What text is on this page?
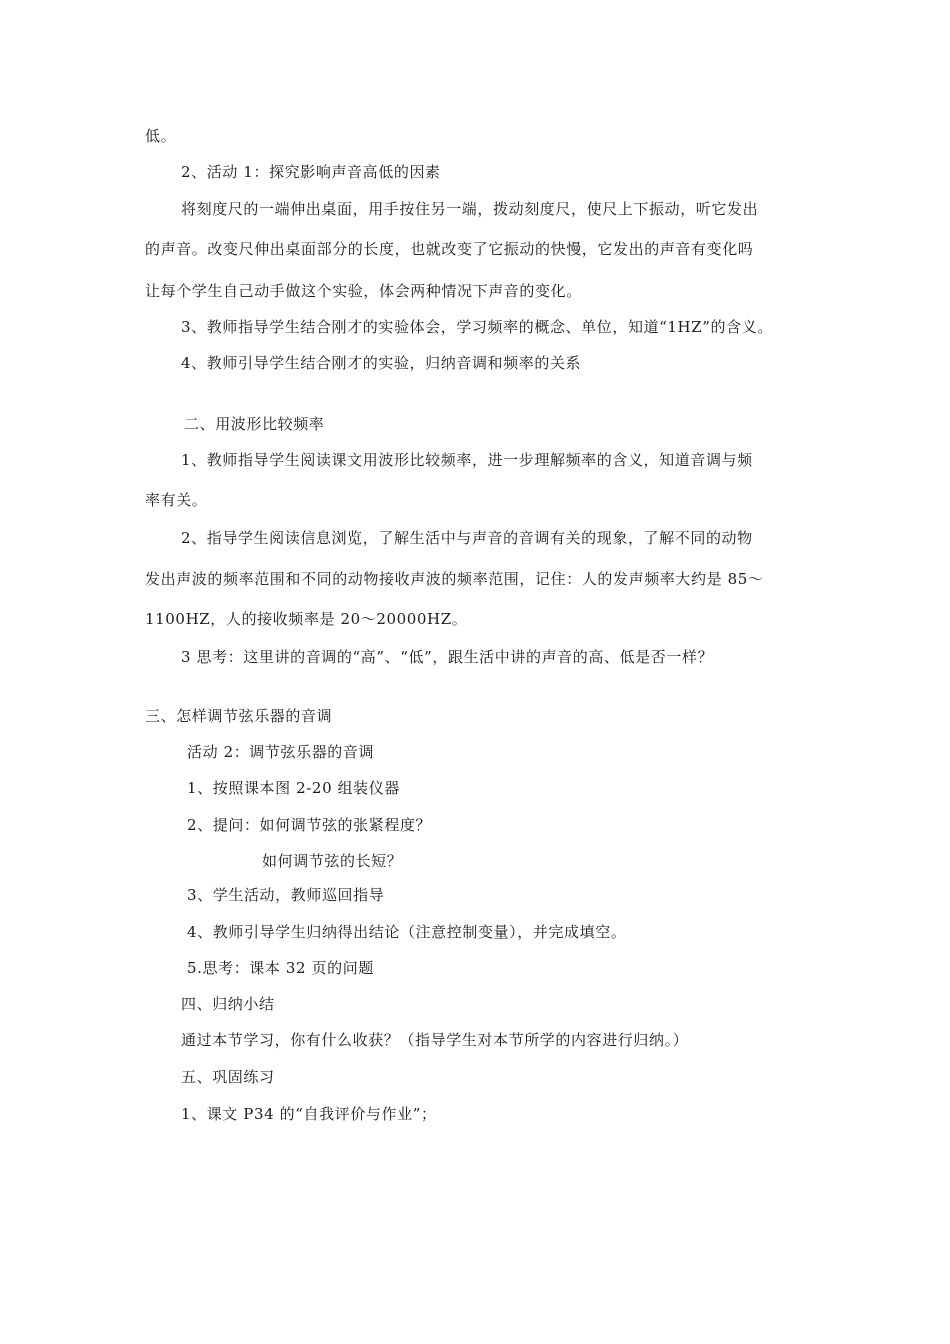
低。
2、活动 1：探究影响声音高低的因素
将刻度尺的一端伸出桌面，用手按住另一端，拨动刻度尺，使尺上下振动，听它发出
的声音。改变尺伸出桌面部分的长度，也就改变了它振动的快慢，它发出的声音有变化吗
让每个学生自己动手做这个实验，体会两种情况下声音的变化。
3、教师指导学生结合刚才的实验体会，学习频率的概念、单位，知道“1HZ”的含义。
4、教师引导学生结合刚才的实验，归纳音调和频率的关系
二、用波形比较频率
1、教师指导学生阅读课文用波形比较频率，进一步理解频率的含义，知道音调与频
率有关。
2、指导学生阅读信息浏览，了解生活中与声音的音调有关的现象，了解不同的动物
发出声波的频率范围和不同的动物接收声波的频率范围，记住：人的发声频率大约是 85～
1100HZ，人的接收频率是 20～20000HZ。
3 思考：这里讲的音调的“高”、“低”，跟生活中讲的声音的高、低是否一样？
三、怎样调节弦乐器的音调
活动 2：调节弦乐器的音调
1、按照课本图 2-20 组装仪器
2、提问：如何调节弦的张紧程度？
如何调节弦的长短？
3、学生活动，教师巡回指导
4、教师引导学生归纳得出结论（注意控制变量），并完成填空。
5.思考：课本 32 页的问题
四、归纳小结
通过本节学习，你有什么收获？（指导学生对本节所学的内容进行归纳。）
五、巩固练习
1、课文 P34 的“自我评价与作业”；
